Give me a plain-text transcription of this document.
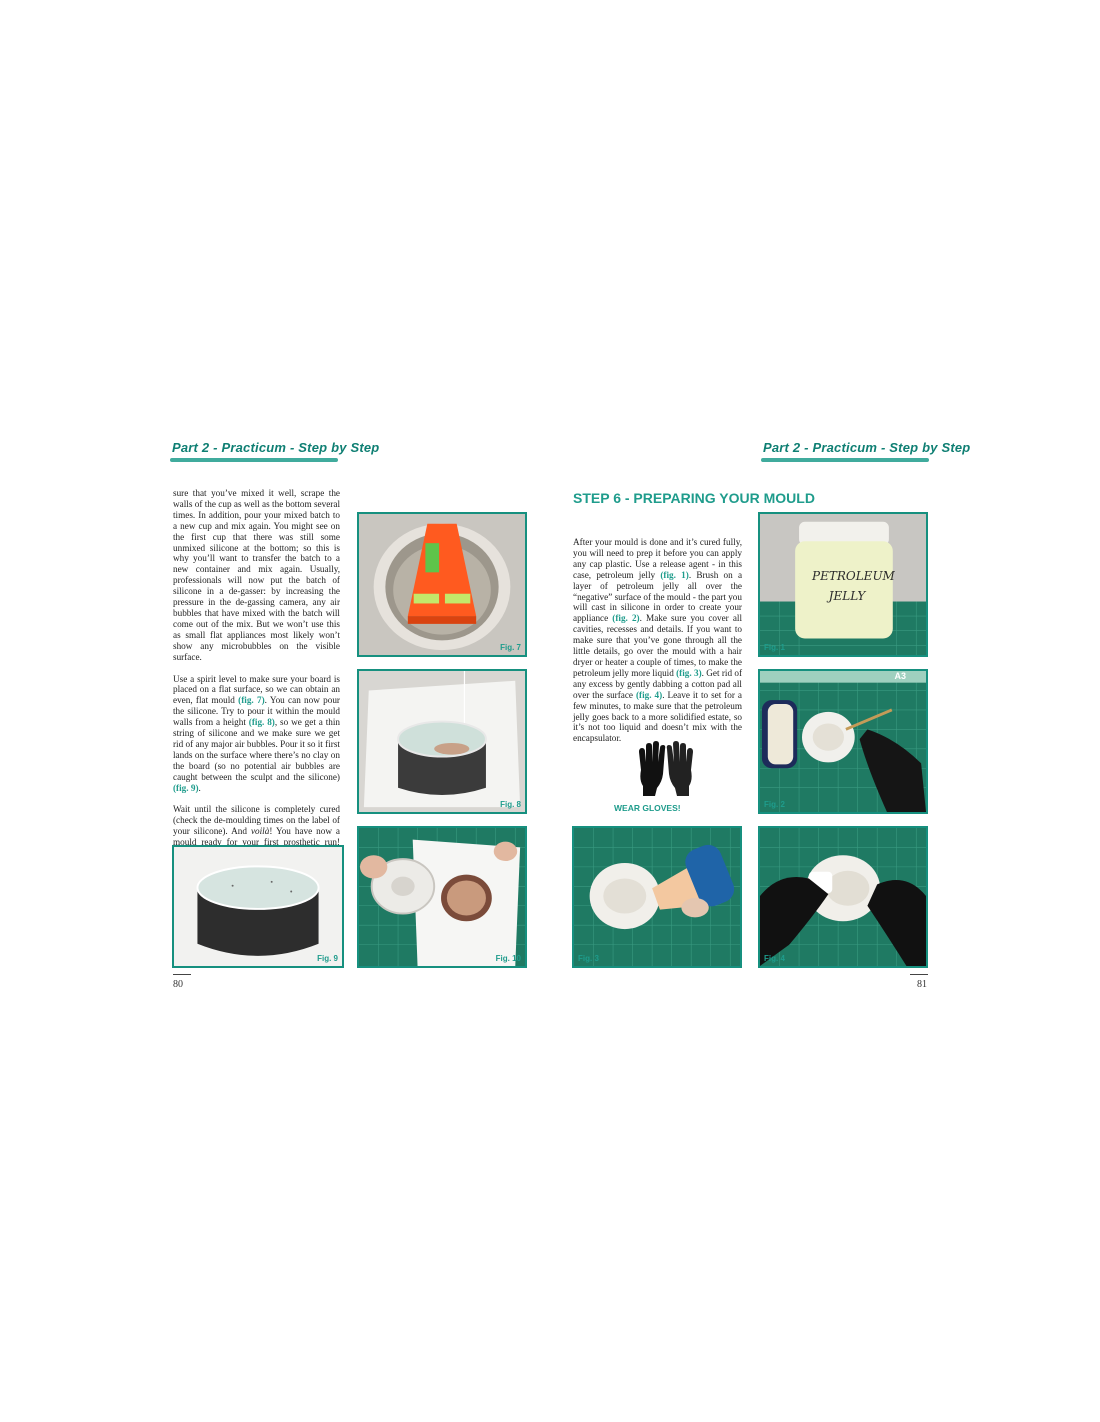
Part 2 - Practicum - Step by Step

sure that you’ve mixed it well, scrape the walls of the cup as well as the bottom several times. In addition, pour your mixed batch to a new cup and mix again. You might see on the first cup that there was still some unmixed silicone at the bottom; so this is why you’ll want to transfer the batch to a new container and mix again. Usually, professionals will now put the batch of silicone in a de-gasser: by increasing the pressure in the de-gassing camera, any air bubbles that have mixed with the batch will come out of the mix. But we won’t use this as small flat appliances most likely won’t show any microbubbles on the visible surface.

Use a spirit level to make sure your board is placed on a flat surface, so we can obtain an even, flat mould (fig. 7). You can now pour the silicone. Try to pour it within the mould walls from a height (fig. 8), so we get a thin string of silicone and we make sure we get rid of any major air bubbles. Pour it so it first lands on the surface where there’s no clay on the board (so no potential air bubbles are caught between the sculpt and the silicone) (fig. 9).

Wait until the silicone is completely cured (check the de-moulding times on the label of your silicone). And voilà! You have now a mould ready for your first prosthetic run!

Fig. 7
Fig. 8
Fig. 9	Fig. 10
80
Part 2 - Practicum - Step by Step
STEP 6 - PREPARING YOUR MOULD

After your mould is done and it’s cured fully, you will need to prep it before you can apply any cap plastic. Use a release agent - in this case, petroleum jelly (fig. 1). Brush on a layer of petroleum jelly all over the “negative” surface of the mould - the part you will cast in silicone in order to create your appliance (fig. 2). Make sure you cover all cavities, recesses and details. If you want to make sure that you’ve gone through all the little details, go over the mould with a hair dryer or heater a couple of times, to make the petroleum jelly more liquid (fig. 3). Get rid of any excess by gently dabbing a cotton pad all over the surface (fig. 4). Leave it to set for a few minutes, to make sure that the petroleum jelly goes back to a more solidified estate, so it’s not too liquid and doesn’t mix with the encapsulator.

WEAR GLOVES!
PETROLEUM
JELLY
Fig. 1
A3
Fig. 2
Fig. 3	Fig. 4
81
